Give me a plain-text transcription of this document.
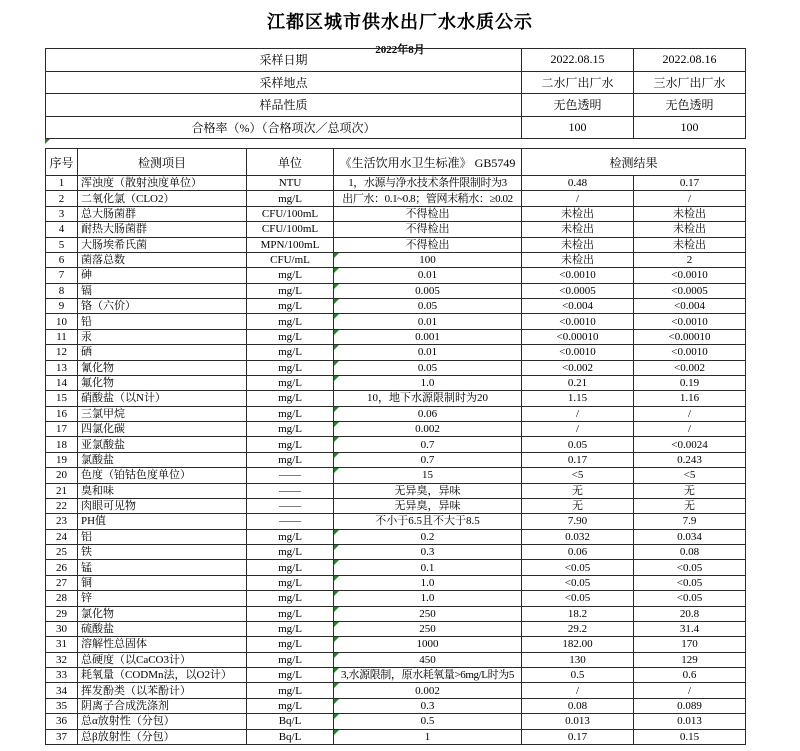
江都区城市供水出厂水水质公示
2022年8月
采样日期	2022.08.15	2022.08.16
采样地点	二水厂出厂水	三水厂出厂水
样品性质	无色透明	无色透明
合格率（%）（合格项次／总项次）	100	100
序号	检测项目	单位	《生活饮用水卫生标准》 GB5749	检测结果	
1	浑浊度（散射浊度单位）	NTU	1，水源与净水技术条件限制时为3	0.48	0.17
2	二氧化氯（CLO2）	mg/L	出厂水：0.1~0.8；管网末稍水：≥0.02	/	/
3	总大肠菌群	CFU/100mL	不得检出	未检出	未检出
4	耐热大肠菌群	CFU/100mL	不得检出	未检出	未检出
5	大肠埃希氏菌	MPN/100mL	不得检出	未检出	未检出
6	菌落总数	CFU/mL	100	未检出	2
7	砷	mg/L	0.01	<0.0010	<0.0010
8	镉	mg/L	0.005	<0.0005	<0.0005
9	铬（六价）	mg/L	0.05	<0.004	<0.004
10	铅	mg/L	0.01	<0.0010	<0.0010
11	汞	mg/L	0.001	<0.00010	<0.00010
12	硒	mg/L	0.01	<0.0010	<0.0010
13	氰化物	mg/L	0.05	<0.002	<0.002
14	氟化物	mg/L	1.0	0.21	0.19
15	硝酸盐（以N计）	mg/L	10，地下水源限制时为20	1.15	1.16
16	三氯甲烷	mg/L	0.06	/	/
17	四氯化碳	mg/L	0.002	/	/
18	亚氯酸盐	mg/L	0.7	0.05	<0.0024
19	氯酸盐	mg/L	0.7	0.17	0.243
20	色度（铂钴色度单位）	——	15	<5	<5
21	臭和味	——	无异臭，异味	无	无
22	肉眼可见物	——	无异臭，异味	无	无
23	PH值	——	不小于6.5且不大于8.5	7.90	7.9
24	铝	mg/L	0.2	0.032	0.034
25	铁	mg/L	0.3	0.06	0.08
26	锰	mg/L	0.1	<0.05	<0.05
27	铜	mg/L	1.0	<0.05	<0.05
28	锌	mg/L	1.0	<0.05	<0.05
29	氯化物	mg/L	250	18.2	20.8
30	硫酸盐	mg/L	250	29.2	31.4
31	溶解性总固体	mg/L	1000	182.00	170
32	总硬度（以CaCO3计）	mg/L	450	130	129
33	耗氧量（CODMn法，以O2计）	mg/L	3,水源限制，原水耗氧量>6mg/L时为5	0.5	0.6
34	挥发酚类（以苯酚计）	mg/L	0.002	/	/
35	阴离子合成洗涤剂	mg/L	0.3	0.08	0.089
36	总α放射性（分包）	Bq/L	0.5	0.013	0.013
37	总β放射性（分包）	Bq/L	1	0.17	0.15
